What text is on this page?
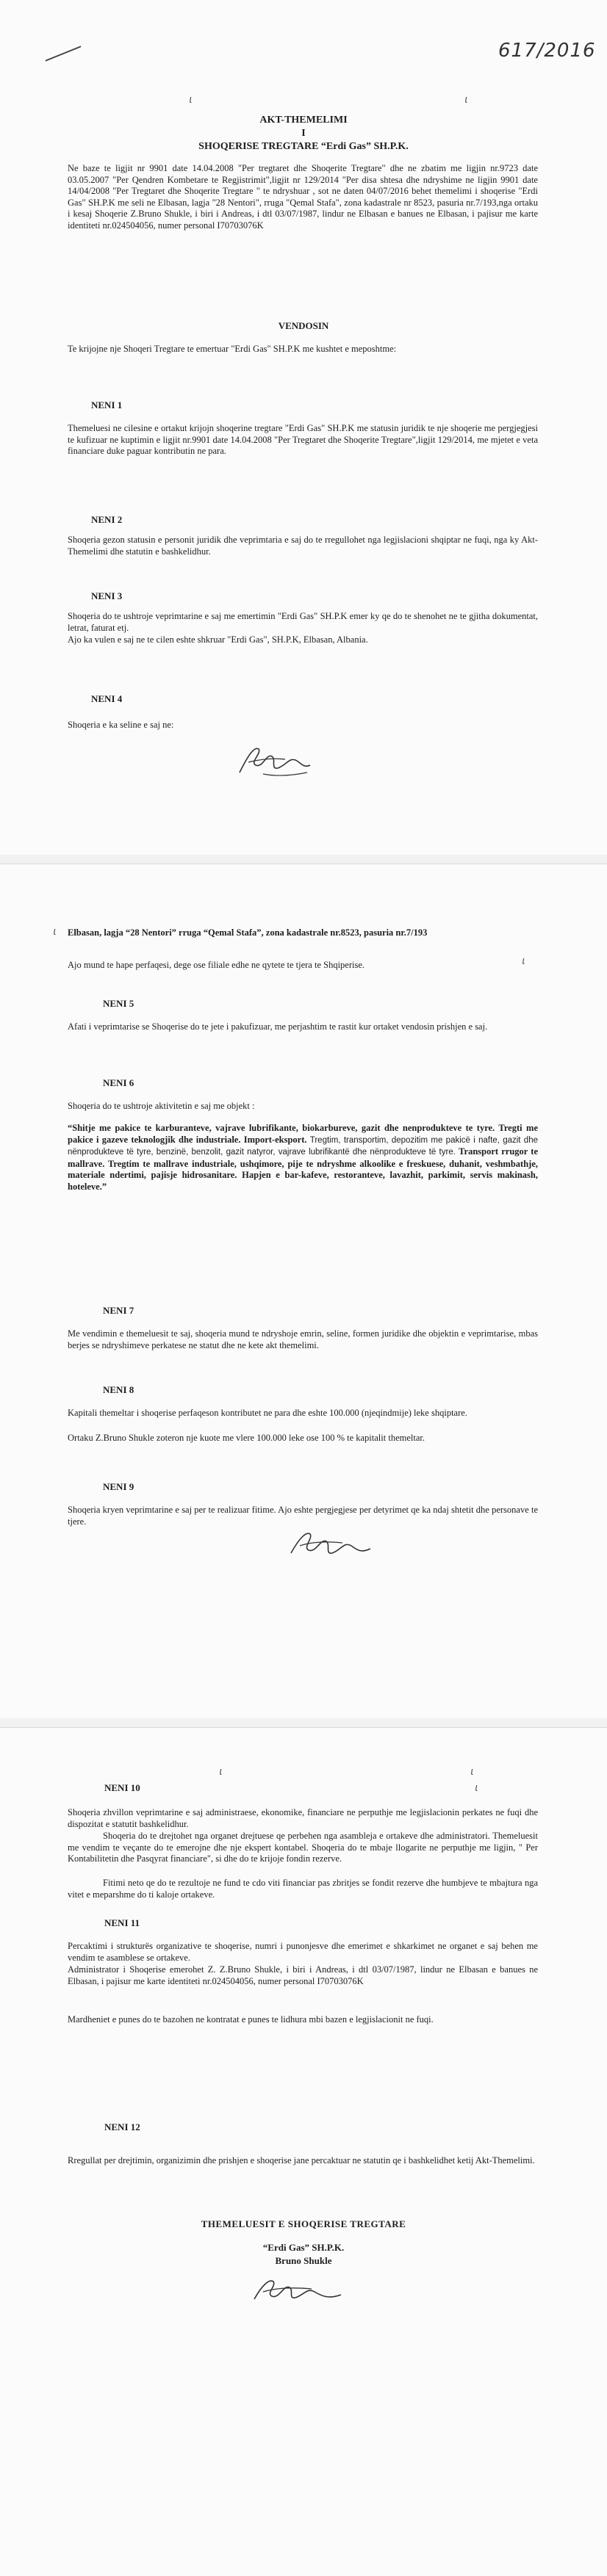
617/2016
ɩ	ɩ
AKT-THEMELIMI
I
SHOQERISE TREGTARE “Erdi Gas” SH.P.K.

Ne baze te ligjit nr 9901 date 14.04.2008 "Per tregtaret dhe Shoqerite Tregtare" dhe ne zbatim me ligjin nr.9723 date 03.05.2007 "Per Qendren Kombetare te Regjistrimit",ligjit nr 129/2014 "Per disa shtesa dhe ndryshime ne ligjin 9901 date 14/04/2008 "Per Tregtaret dhe Shoqerite Tregtare " te ndryshuar , sot ne daten 04/07/2016 behet themelimi i shoqerise "Erdi Gas" SH.P.K me seli ne Elbasan, lagja "28 Nentori", rruga "Qemal Stafa", zona kadastrale nr 8523, pasuria nr.7/193,nga ortaku i kesaj Shoqerie Z.Bruno Shukle, i biri i Andreas, i dtl 03/07/1987, lindur ne Elbasan e banues ne Elbasan, i pajisur me karte identiteti nr.024504056, numer personal I70703076K

VENDOSIN

Te krijojne nje Shoqeri Tregtare te emertuar "Erdi Gas" SH.P.K me kushtet e meposhtme:

NENI 1

Themeluesi ne cilesine e ortakut krijojn shoqerine tregtare "Erdi Gas" SH.P.K me statusin juridik te nje shoqerie me pergjegjesi te kufizuar ne kuptimin e ligjit nr.9901 date 14.04.2008 "Per Tregtaret dhe Shoqerite Tregtare",ligjit 129/2014, me mjetet e veta financiare duke paguar kontributin ne para.

NENI 2

Shoqeria gezon statusin e personit juridik dhe veprimtaria e saj do te rregullohet nga legjislacioni shqiptar ne fuqi, nga ky Akt-Themelimi dhe statutin e bashkelidhur.

NENI 3

Shoqeria do te ushtroje veprimtarine e saj me emertimin "Erdi Gas" SH.P.K emer ky qe do te shenohet ne te gjitha dokumentat, letrat, faturat etj.

Ajo ka vulen e saj ne te cilen eshte shkruar "Erdi Gas", SH.P.K, Elbasan, Albania.

NENI 4

Shoqeria e ka seline e saj ne:

ɩ
ɩ
Elbasan, lagja “28 Nentori” rruga “Qemal Stafa”, zona kadastrale nr.8523, pasuria nr.7/193

Ajo mund te hape perfaqesi, dege ose filiale edhe ne qytete te tjera te Shqiperise.

NENI 5

Afati i veprimtarise se Shoqerise do te jete i pakufizuar, me perjashtim te rastit kur ortaket vendosin prishjen e saj.

NENI 6

Shoqeria do te ushtroje aktivitetin e saj me objekt :

“Shitje me pakice te karburanteve, vajrave lubrifikante, biokarbureve, gazit dhe nenprodukteve te tyre. Tregti me pakice i gazeve teknologjik dhe industriale. Import-eksport. Tregtim, transportim, depozitim me pakicë i nafte, gazit dhe nënprodukteve të tyre, benzinë, benzolit, gazit natyror, vajrave lubrifikantë dhe nënprodukteve të tyre. Transport rrugor te mallrave. Tregtim te mallrave industriale, ushqimore, pije te ndryshme alkoolike e freskuese, duhanit, veshmbathje, materiale ndertimi, pajisje hidrosanitare. Hapjen e bar-kafeve, restoranteve, lavazhit, parkimit, servis makinash, hoteleve.”
NENI 7

Me vendimin e themeluesit te saj, shoqeria mund te ndryshoje emrin, seline, formen juridike dhe objektin e veprimtarise, mbas berjes se ndryshimeve perkatese ne statut dhe ne kete akt themelimi.

NENI 8

Kapitali themeltar i shoqerise perfaqeson kontributet ne para dhe eshte 100.000 (njeqindmije) leke shqiptare.

Ortaku Z.Bruno Shukle zoteron nje kuote me vlere 100.000 leke ose 100 % te kapitalit themeltar.

NENI 9

Shoqeria kryen veprimtarine e saj per te realizuar fitime. Ajo eshte pergjegjese per detyrimet qe ka ndaj shtetit dhe personave te tjere.

ɩ	ɩ
ɩ
NENI 10

Shoqeria zhvillon veprimtarine e saj administraese, ekonomike, financiare ne perputhje me legjislacionin perkates ne fuqi dhe dispozitat e statutit bashkelidhur.

Shoqeria do te drejtohet nga organet drejtuese qe perbehen nga asambleja e ortakeve dhe administratori. Themeluesit me vendim te veçante do te emerojne dhe nje ekspert kontabel. Shoqeria do te mbaje llogarite ne perputhje me ligjin, " Per Kontabilitetin dhe Pasqyrat financiare", si dhe do te krijoje fondin rezerve.

Fitimi neto qe do te rezultoje ne fund te cdo viti financiar pas zbritjes se fondit rezerve dhe humbjeve te mbajtura nga vitet e meparshme do ti kaloje ortakeve.

NENI 11

Percaktimi i strukturës organizative te shoqerise, numri i punonjesve dhe emerimet e shkarkimet ne organet e saj behen me vendim te asamblese se ortakeve.

Administrator i Shoqerise emerohet Z. Z.Bruno Shukle, i biri i Andreas, i dtl 03/07/1987, lindur ne Elbasan e banues ne Elbasan, i pajisur me karte identiteti nr.024504056, numer personal I70703076K

Mardheniet e punes do te bazohen ne kontratat e punes te lidhura mbi bazen e legjislacionit ne fuqi.

NENI 12

Rregullat per drejtimin, organizimin dhe prishjen e shoqerise jane percaktuar ne statutin qe i bashkelidhet ketij Akt-Themelimi.

THEMELUESIT E SHOQERISE TREGTARE
“Erdi Gas” SH.P.K.
Bruno Shukle
